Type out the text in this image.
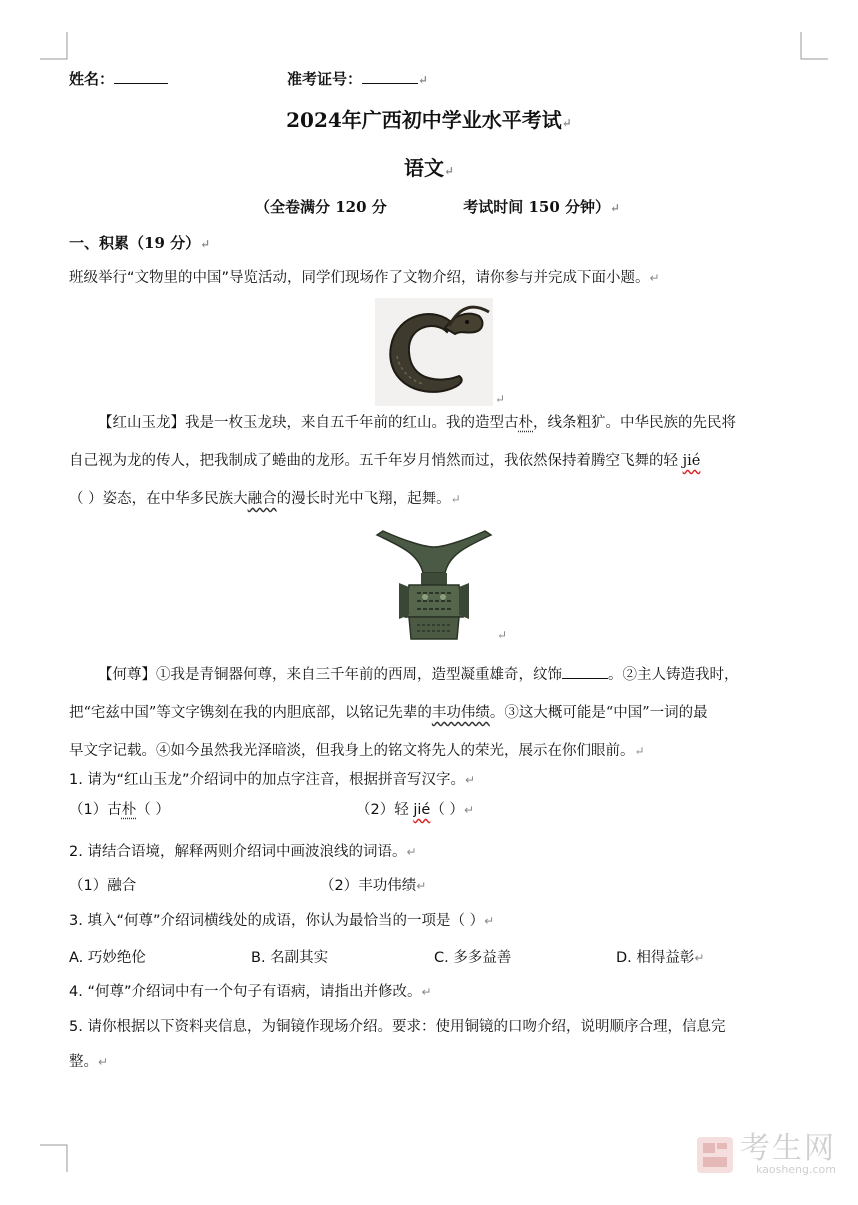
姓名：	准考证号：	↵
2024年广西初中学业水平考试↵
语文↵
（全卷满分 120 分	考试时间 150 分钟）↵
一、积累（19 分）↵
班级举行“文物里的中国”导览活动，同学们现场作了文物介绍，请你参与并完成下面小题。↵
↵
【红山玉龙】我是一枚玉龙玦，来自五千年前的红山。我的造型古朴，线条粗犷。中华民族的先民将
自己视为龙的传人，把我制成了蜷曲的龙形。五千年岁月悄然而过，我依然保持着腾空飞舞的轻 jié
（ ）姿态，在中华多民族大融合的漫长时光中飞翔，起舞。↵
↵
【何尊】①我是青铜器何尊，来自三千年前的西周，造型凝重雄奇，纹饰	。②主人铸造我时，
把“宅兹中国”等文字镌刻在我的内胆底部，以铭记先辈的丰功伟绩。③这大概可能是“中国”一词的最
早文字记载。④如今虽然我光泽暗淡，但我身上的铭文将先人的荣光，展示在你们眼前。↵
1. 请为“红山玉龙”介绍词中的加点字注音，根据拼音写汉字。↵
（1）古朴（ ）	（2）轻 jié（ ）↵
2. 请结合语境，解释两则介绍词中画波浪线的词语。↵
（1）融合	（2）丰功伟绩↵
3. 填入“何尊”介绍词横线处的成语，你认为最恰当的一项是（ ）↵
A. 巧妙绝伦	B. 名副其实	C. 多多益善	D. 相得益彰↵
4. “何尊”介绍词中有一个句子有语病，请指出并修改。↵
5. 请你根据以下资料夹信息，为铜镜作现场介绍。要求：使用铜镜的口吻介绍，说明顺序合理，信息完
整。↵

考生网
kaosheng.com
